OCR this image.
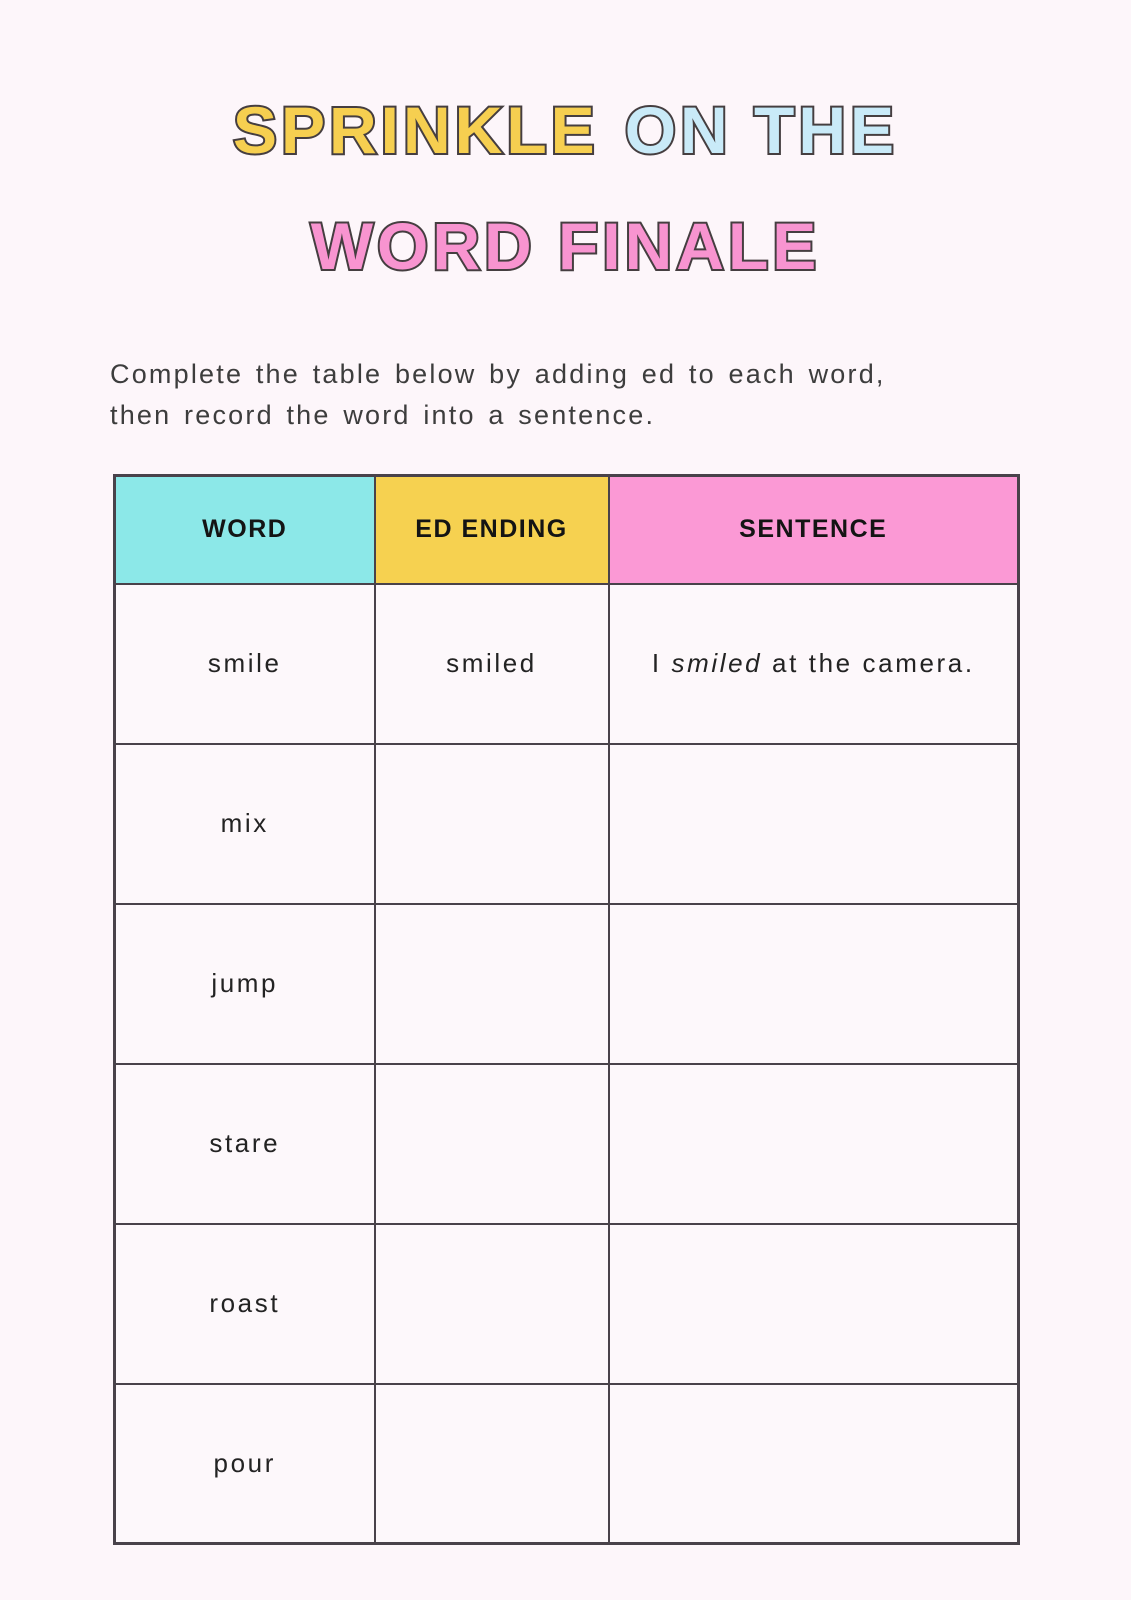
SPRINKLE ON THE
WORD FINALE

Complete the table below by adding ed to each word,
then record the word into a sentence.

WORD	ED ENDING	SENTENCE
smile	smiled	I smiled at the camera.
mix		
jump		
stare		
roast		
pour		
